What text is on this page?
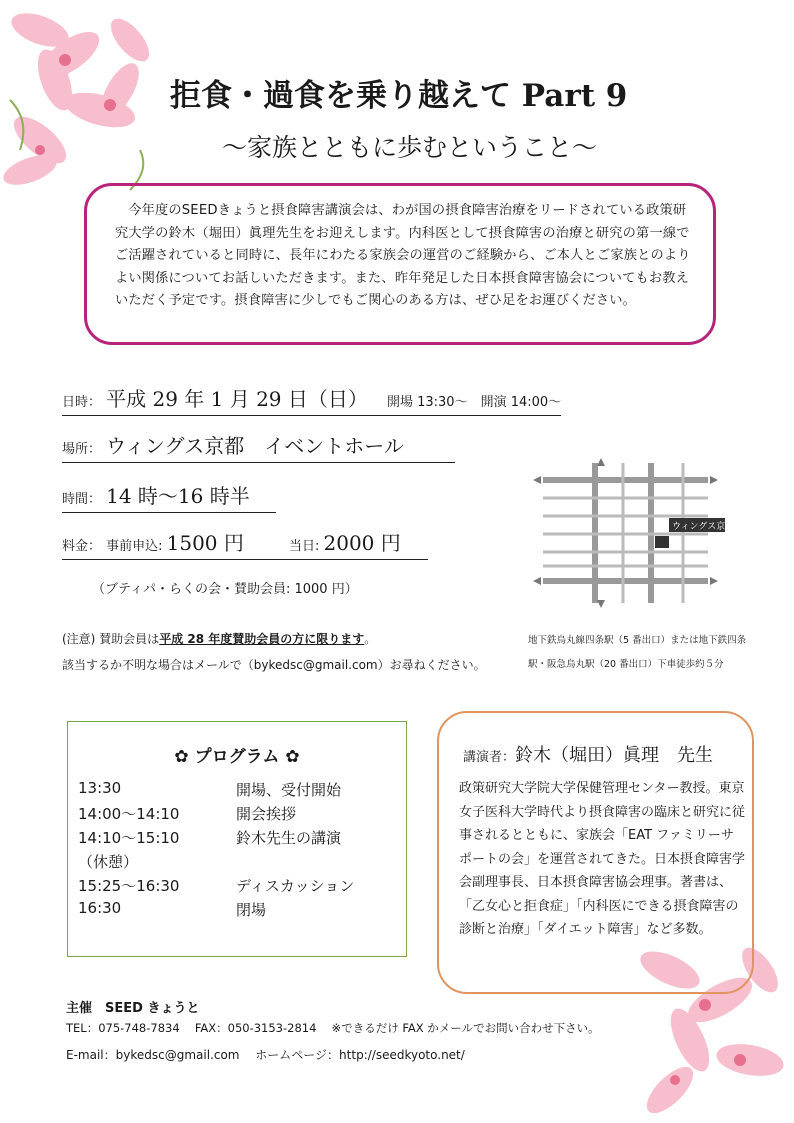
拒食・過食を乗り越えて Part 9
〜家族とともに歩むということ〜
今年度のSEEDきょうと摂食障害講演会は、わが国の摂食障害治療をリードされている政策研究大学の鈴木（堀田）眞理先生をお迎えします。内科医として摂食障害の治療と研究の第一線でご活躍されていると同時に、長年にわたる家族会の運営のご経験から、ご本人とご家族とのよりよい関係についてお話しいただきます。また、昨年発足した日本摂食障害協会についてもお教えいただく予定です。摂食障害に少しでもご関心のある方は、ぜひ足をお運びください。
日時： 平成 29 年 1 月 29 日（日） 開場 13:30〜　開演 14:00〜
場所： ウィングス京都　イベントホール
時間： 14 時〜16 時半
料金： 事前申込: 1500 円	当日: 2000 円
（ブティパ・らくの会・賛助会員: 1000 円）
ウィングス京都
(注意) 賛助会員は平成 28 年度賛助会員の方に限ります。
該当するか不明な場合はメールで（bykedsc@gmail.com）お尋ねください。
地下鉄烏丸線四条駅（5 番出口）または地下鉄四条
駅・阪急烏丸駅（20 番出口）下車徒歩約５分
✿ プログラム ✿
13:30	開場、受付開始
14:00〜14:10	開会挨拶
14:10〜15:10	鈴木先生の講演
（休憩）
15:25〜16:30	ディスカッション
16:30	閉場
講演者：鈴木（堀田）眞理　先生
政策研究大学院大学保健管理センター教授。東京女子医科大学時代より摂食障害の臨床と研究に従事されるとともに、家族会「EAT ファミリーサポートの会」を運営されてきた。日本摂食障害学会副理事長、日本摂食障害協会理事。著書は、「乙女心と拒食症」「内科医にできる摂食障害の診断と治療」「ダイエット障害」など多数。
主催　SEED きょうと
TEL：075-748-7834　 FAX：050-3153-2814　 ※できるだけ FAX かメールでお問い合わせ下さい。
E-mail：bykedsc@gmail.com　 ホームページ：http://seedkyoto.net/
